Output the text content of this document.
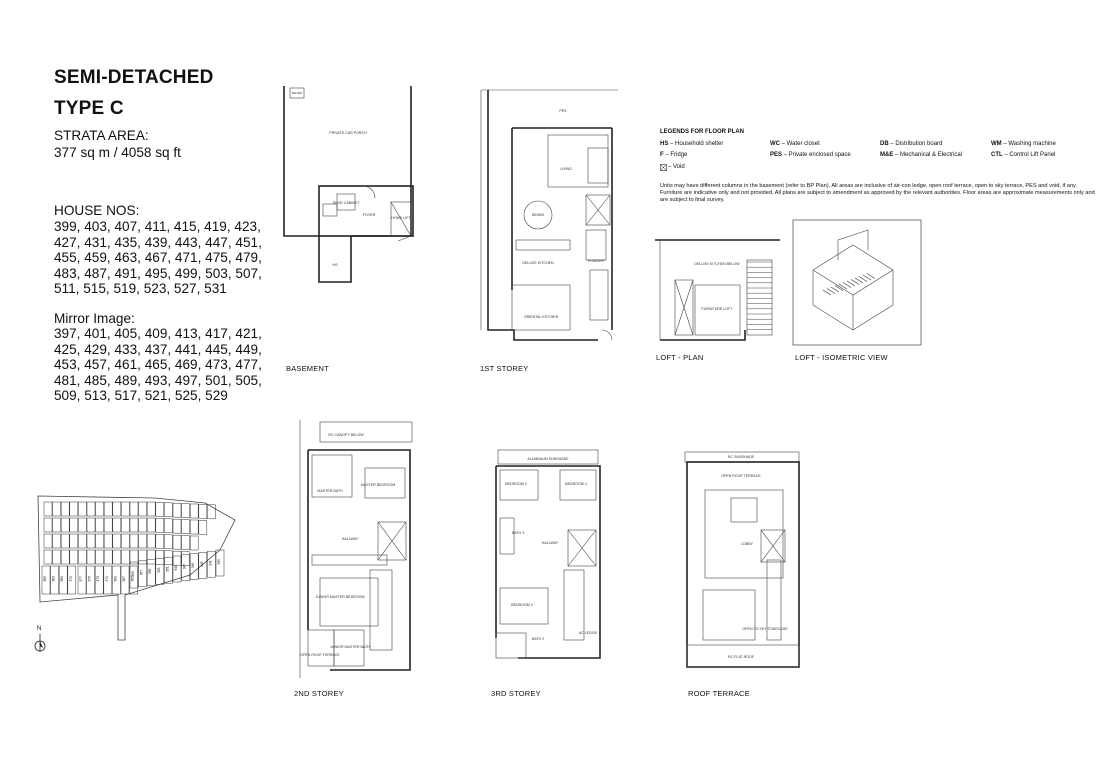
SEMI-DETACHED
TYPE C
STRATA AREA:
377 sq m / 4058 sq ft
HOUSE NOS:
399, 403, 407, 411, 415, 419, 423,
427, 431, 435, 439, 443, 447, 451,
455, 459, 463, 467, 471, 475, 479,
483, 487, 491, 495, 499, 503, 507,
511, 515, 519, 523, 527, 531
Mirror Image:
397, 401, 405, 409, 413, 417, 421,
425, 429, 433, 437, 441, 445, 449,
453, 457, 461, 465, 469, 473, 477,
481, 485, 489, 493, 497, 501, 505,
509, 513, 517, 521, 525, 529
385 383 381 379 377 375 373 371 369 367 365
359 357 355 353 351 349 347 345 343 341 339
N
METER
PRIVATE CAR PORCH
FOYER
HOME LIFT
SHOE CABINET
HS
BASEMENT
PES
LIVING
DINING
DELUXE KITCHEN	POWDER
ORIENTAL KITCHEN
1ST STOREY
LEGENDS FOR FLOOR PLAN
HS – Household shelter	WC – Water closet	DB – Distribution board	WM – Washing machine
F – Fridge	PES – Private enclosed space	M&E – Mechanical & Electrical	CTL – Control Lift Panel
– Void
Units may have different columns in the basement (refer to BP Plan). All areas are inclusive of air-con ledge, open roof terrace, open to sky terrace, PES and void, if any. Furniture are indicative only and not provided. All plans are subject to amendment as approved by the relevant authorities. Floor areas are approximate measurements only and are subject to final survey.
DELUXE KITCHEN BELOW
FURNITURE LOFT
LOFT - PLAN	LOFT - ISOMETRIC VIEW
RC CANOPY BELOW
MASTER BEDROOM
MASTER BATH
HALLWAY
JUNIOR MASTER BEDROOM
JUNIOR MASTER BATH
OPEN ROOF TERRACE
2ND STOREY
BEDROOM 3	BEDROOM 4
BATH 3
HALLWAY
BEDROOM 2
BATH 2
AC LEDGE
ALUMINIUM SUNSHADE
3RD STOREY
OPEN ROOF TERRACE
LOBBY
OPEN TO SKY STAIRCASE
RC FLAT ROOF
RC SUNSHADE
ROOF TERRACE
